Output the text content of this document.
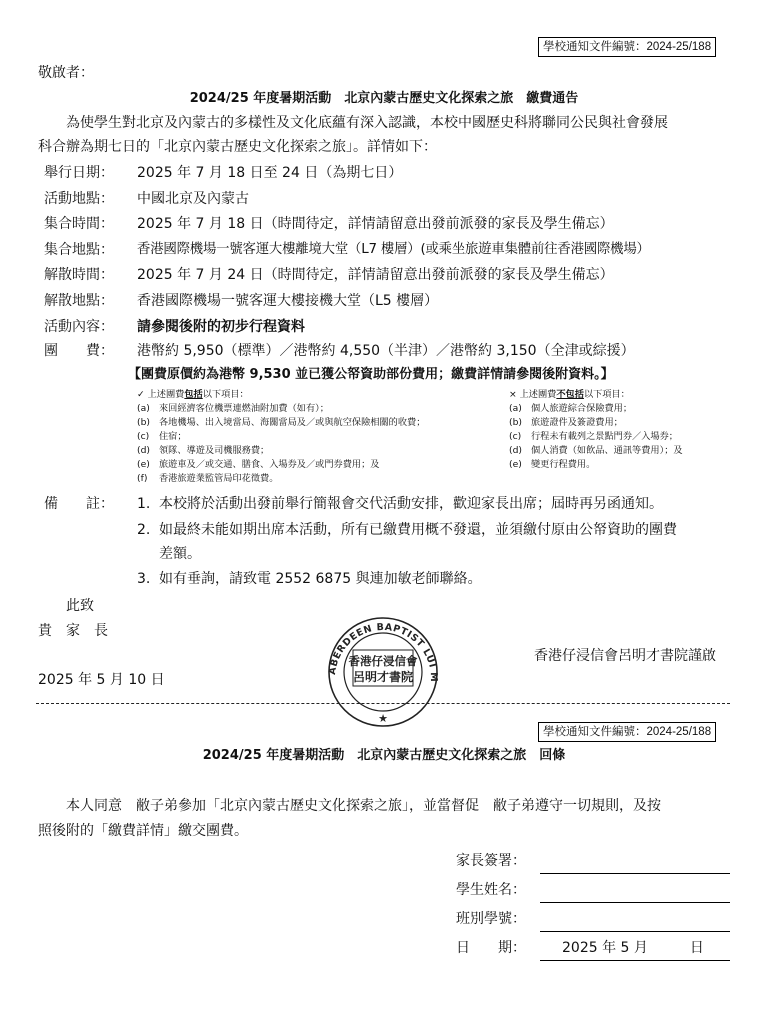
學校通知文件編號：2024-25/188
敬啟者：
2024/25 年度暑期活動　北京內蒙古歷史文化探索之旅　繳費通告
為使學生對北京及內蒙古的多樣性及文化底蘊有深入認識，本校中國歷史科將聯同公民與社會發展
科合辦為期七日的「北京內蒙古歷史文化探索之旅」。詳情如下：
舉行日期：	2025 年 7 月 18 日至 24 日（為期七日）
活動地點：	中國北京及內蒙古
集合時間：	2025 年 7 月 18 日（時間待定，詳情請留意出發前派發的家長及學生備忘）
集合地點：	香港國際機場一號客運大樓離境大堂（L7 樓層）(或乘坐旅遊車集體前往香港國際機場）
解散時間：	2025 年 7 月 24 日（時間待定，詳情請留意出發前派發的家長及學生備忘）
解散地點：	香港國際機場一號客運大樓接機大堂（L5 樓層）
活動內容：	請參閱後附的初步行程資料
團　　費：	港幣約 5,950（標準）／港幣約 4,550（半津）／港幣約 3,150（全津或綜援）
【團費原價約為港幣 9,530 並已獲公帑資助部份費用；繳費詳情請參閱後附資料。】
✓ 上述團費包括以下項目：
(a) 來回經濟客位機票連燃油附加費（如有）；
(b) 各地機場、出入境當局、海關當局及／或與航空保險相關的收費；
(c) 住宿；
(d) 領隊、導遊及司機服務費；
(e) 旅遊車及／或交通、膳食、入場券及／或門券費用；及
(f) 香港旅遊業監管局印花徵費。
× 上述團費不包括以下項目：
(a) 個人旅遊綜合保險費用；
(b) 旅遊證件及簽證費用；
(c) 行程未有載列之景點門券／入場券；
(d) 個人消費（如飲品、通訊等費用）；及
(e) 變更行程費用。
備　　註：	1. 本校將於活動出發前舉行簡報會交代活動安排，歡迎家長出席；屆時再另函通知。
2. 如最終未能如期出席本活動，所有已繳費用概不發還，並須繳付原由公帑資助的團費
差額。
3. 如有垂詢，請致電 2552 6875 與連加敏老師聯絡。
此致
貴　家　長
香港仔浸信會呂明才書院謹啟
2025 年 5 月 10 日
ABERDEEN BAPTIST LUI M
香港仔浸信會
呂明才書院
★
學校通知文件編號：2024-25/188
2024/25 年度暑期活動　北京內蒙古歷史文化探索之旅　回條
本人同意　敝子弟參加「北京內蒙古歷史文化探索之旅」，並當督促　敝子弟遵守一切規則，及按
照後附的「繳費詳情」繳交團費。
家長簽署：
學生姓名：
班別學號：
日　　期：	2025 年 5 月　　　日
